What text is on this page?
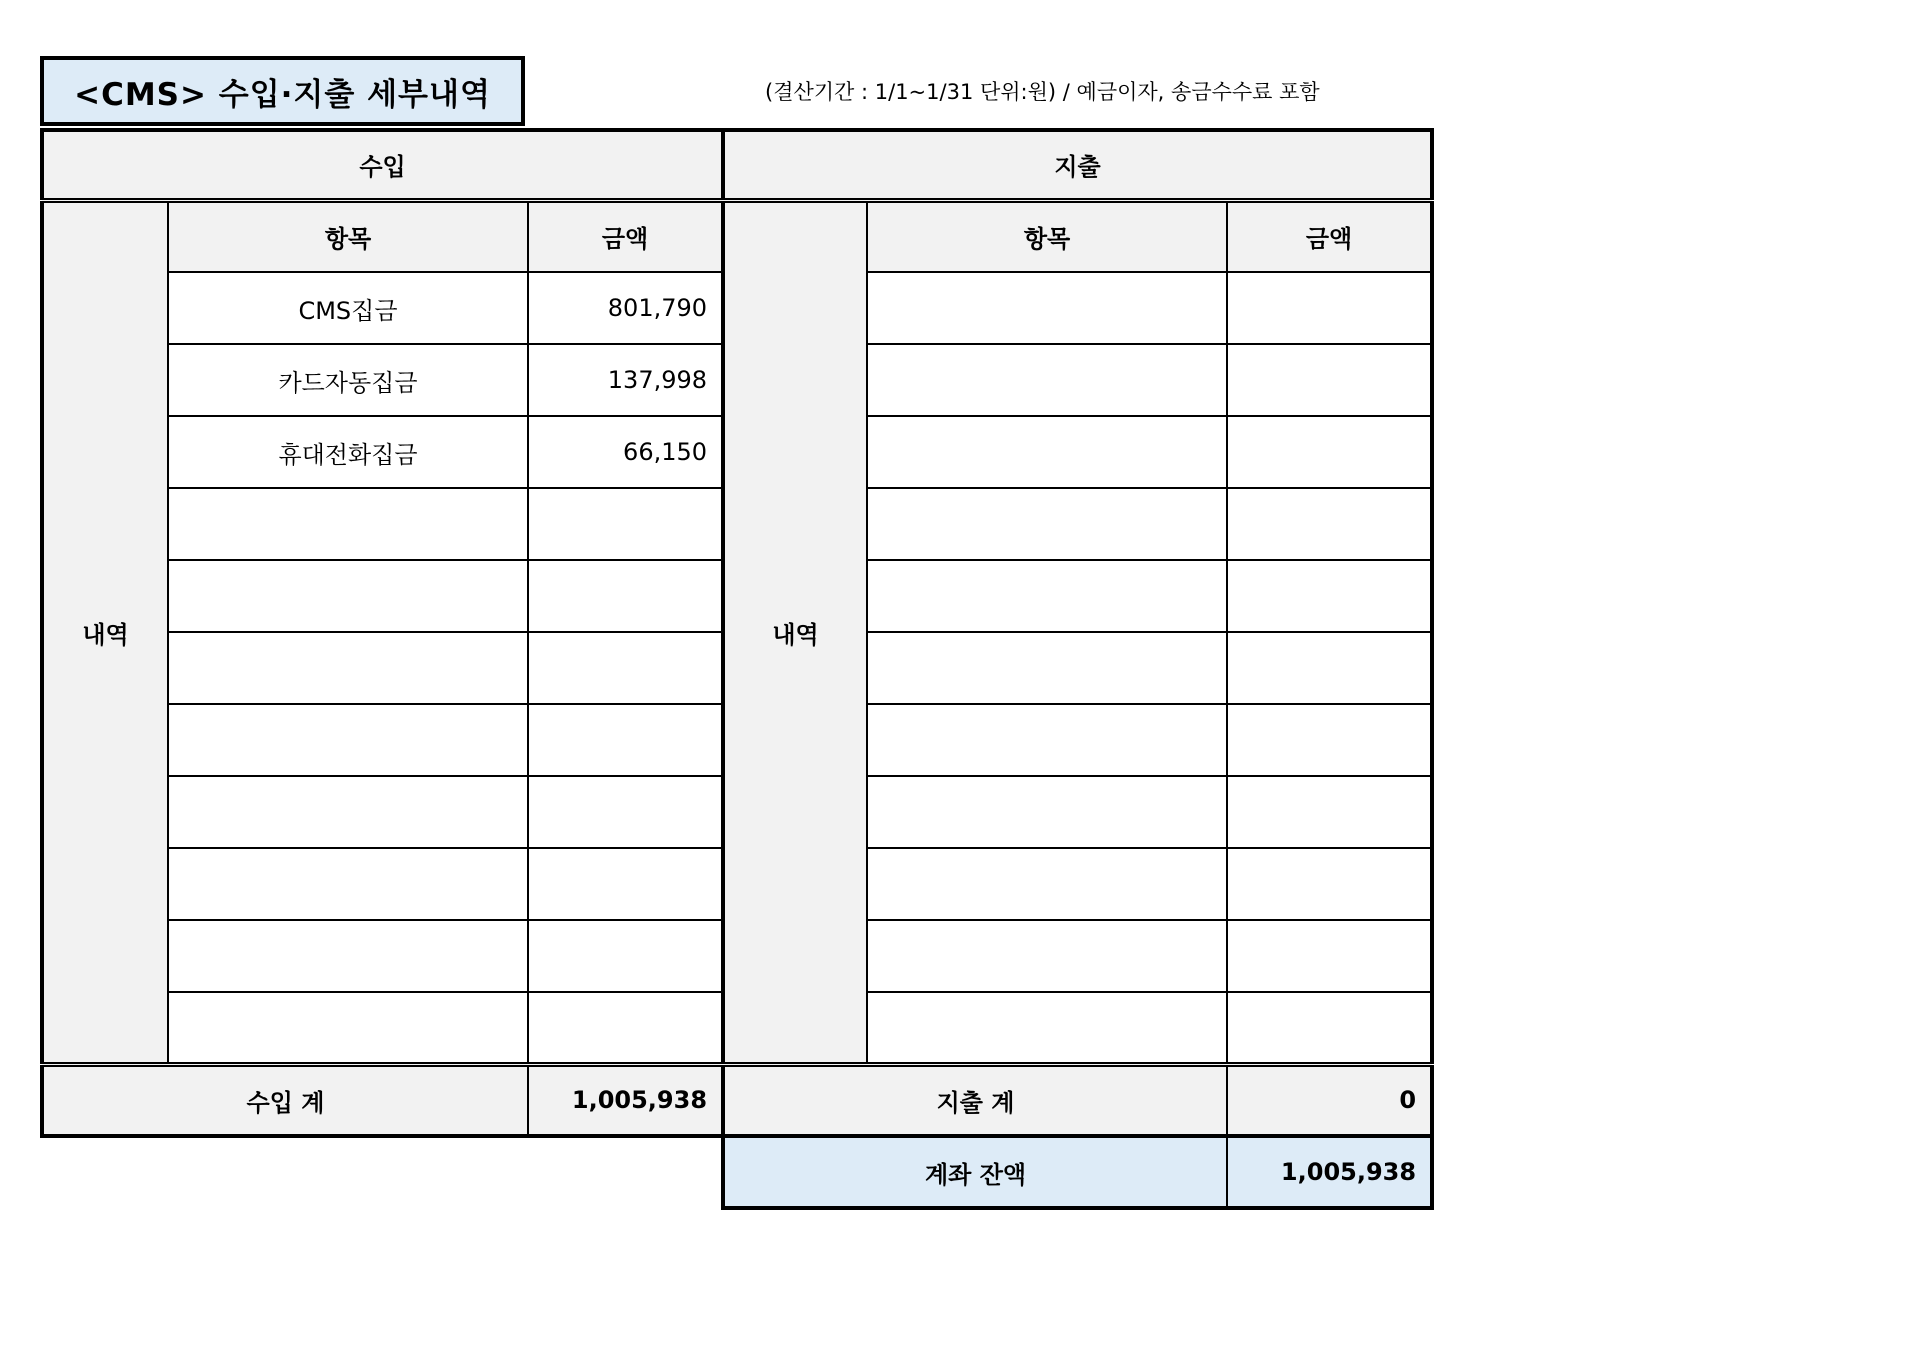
<CMS> 수입·지출 세부내역	(결산기간 : 1/1~1/31 단위:원) / 예금이자, 송금수수료 포함
수입			지출		
내역	항목	금액	내역	항목	금액
	CMS집금	801,790			
	카드자동집금	137,998			
	휴대전화집금	66,150			

수입 계		1,005,938	지출 계		0
			계좌 잔액		1,005,938
